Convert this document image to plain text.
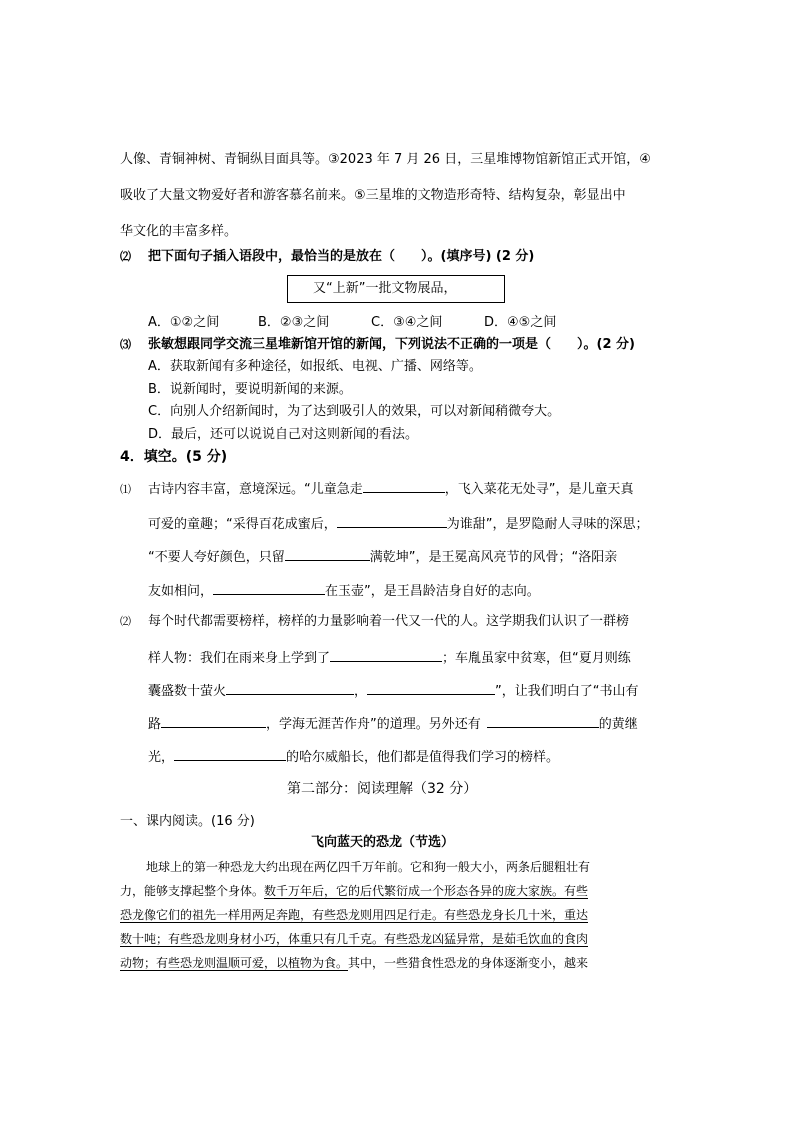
人像、青铜神树、青铜纵目面具等。③2023 年 7 月 26 日，三星堆博物馆新馆正式开馆，④
吸收了大量文物爱好者和游客慕名前来。⑤三星堆的文物造形奇特、结构复杂，彰显出中
华文化的丰富多样。
⑵ 把下面句子插入语段中，最恰当的是放在（　　）。(填序号) (2 分)
又“上新”一批文物展品，
A．①②之间	B．②③之间	C．③④之间	D．④⑤之间
⑶ 张敏想跟同学交流三星堆新馆开馆的新闻，下列说法不正确的一项是（　　）。(2 分)
A．获取新闻有多种途径，如报纸、电视、广播、网络等。
B．说新闻时，要说明新闻的来源。
C．向别人介绍新闻时，为了达到吸引人的效果，可以对新闻稍微夸大。
D．最后，还可以说说自己对这则新闻的看法。
4．填空。(5 分)
⑴ 古诗内容丰富，意境深远。“儿童急走	，飞入菜花无处寻”，是儿童天真
可爱的童趣；“采得百花成蜜后，	为谁甜”，是罗隐耐人寻味的深思；
“不要人夸好颜色，只留	满乾坤”，是王冕高风亮节的风骨；“洛阳亲
友如相问，	在玉壶”，是王昌龄洁身自好的志向。
⑵ 每个时代都需要榜样，榜样的力量影响着一代又一代的人。这学期我们认识了一群榜
样人物：我们在雨来身上学到了	；车胤虽家中贫寒，但“夏月则练
囊盛数十萤火	，	”，让我们明白了“书山有
路	，学海无涯苦作舟”的道理。另外还有	的黄继
光，	的哈尔威船长，他们都是值得我们学习的榜样。
第二部分：阅读理解（32 分）
一、课内阅读。(16 分)
飞向蓝天的恐龙（节选）
地球上的第一种恐龙大约出现在两亿四千万年前。它和狗一般大小，两条后腿粗壮有
力，能够支撑起整个身体。数千万年后，它的后代繁衍成一个形态各异的庞大家族。有些
恐龙像它们的祖先一样用两足奔跑，有些恐龙则用四足行走。有些恐龙身长几十米，重达
数十吨；有些恐龙则身材小巧，体重只有几千克。有些恐龙凶猛异常，是茹毛饮血的食肉
动物；有些恐龙则温顺可爱，以植物为食。其中，一些猎食性恐龙的身体逐渐变小，越来
